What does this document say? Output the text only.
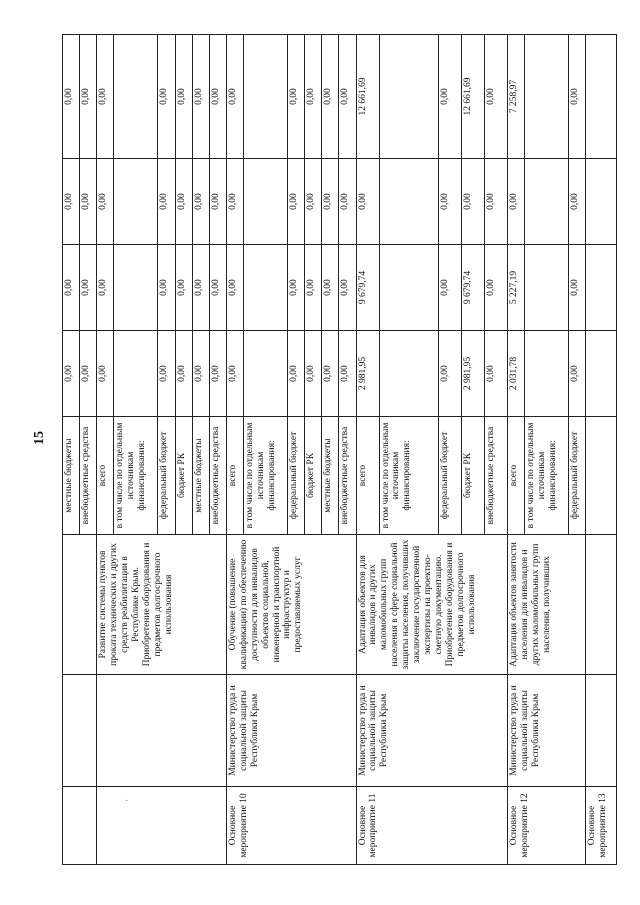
15
·
			местные бюджеты	0,00	0,00	0,00	0,00
			внебюджетные средства	0,00	0,00	0,00	0,00
		Развитие системы пунктов проката технических и других средств реабилитации в Республике Крым. Приобретение оборудования и предметов долгосрочного использования	всего	0,00	0,00	0,00	0,00
			в том числе по отдельным источникам финансирования:				
			федеральный бюджет	0,00	0,00	0,00	0,00
			бюджет РК	0,00	0,00	0,00	0,00
			местные бюджеты	0,00	0,00	0,00	0,00
			внебюджетные средства	0,00	0,00	0,00	0,00
Основное мероприятие 10	Министерство труда и социальной защиты Республики Крым	Обучение (повышение квалификации) по обеспечению доступности для инвалидов объектов социальной, инженерной и транспортной инфраструктур и предоставляемых услуг	всего	0,00	0,00	0,00	0,00
			в том числе по отдельным источникам финансирования:				
			федеральный бюджет	0,00	0,00	0,00	0,00
			бюджет РК	0,00	0,00	0,00	0,00
			местные бюджеты	0,00	0,00	0,00	0,00
			внебюджетные средства	0,00	0,00	0,00	0,00
Основное мероприятие 11	Министерство труда и социальной защиты Республики Крым	Адаптация объектов для инвалидов и других маломобильных групп населения в сфере социальной защиты населения, получивших заключение государственной экспертизы на проектно-сметную документацию. Приобретение оборудования и предметов долгосрочного использования	всего	2 981,95	9 679,74	0,00	12 661,69
			в том числе по отдельным источникам финансирования:				
			федеральный бюджет	0,00	0,00	0,00	0,00
			бюджет РК	2 981,95	9 679,74	0,00	12 661,69
			внебюджетные средства	0,00	0,00	0,00	0,00
Основное мероприятие 12	Министерство труда и социальной защиты Республики Крым	Адаптация объектов занятости населения для инвалидов и других маломобильных групп населения, получивших	всего	2 031,78	5 227,19	0,00	7 258,97
			в том числе по отдельным источникам финансирования:				
			федеральный бюджет	0,00	0,00	0,00	0,00
Основное мероприятие 13							
